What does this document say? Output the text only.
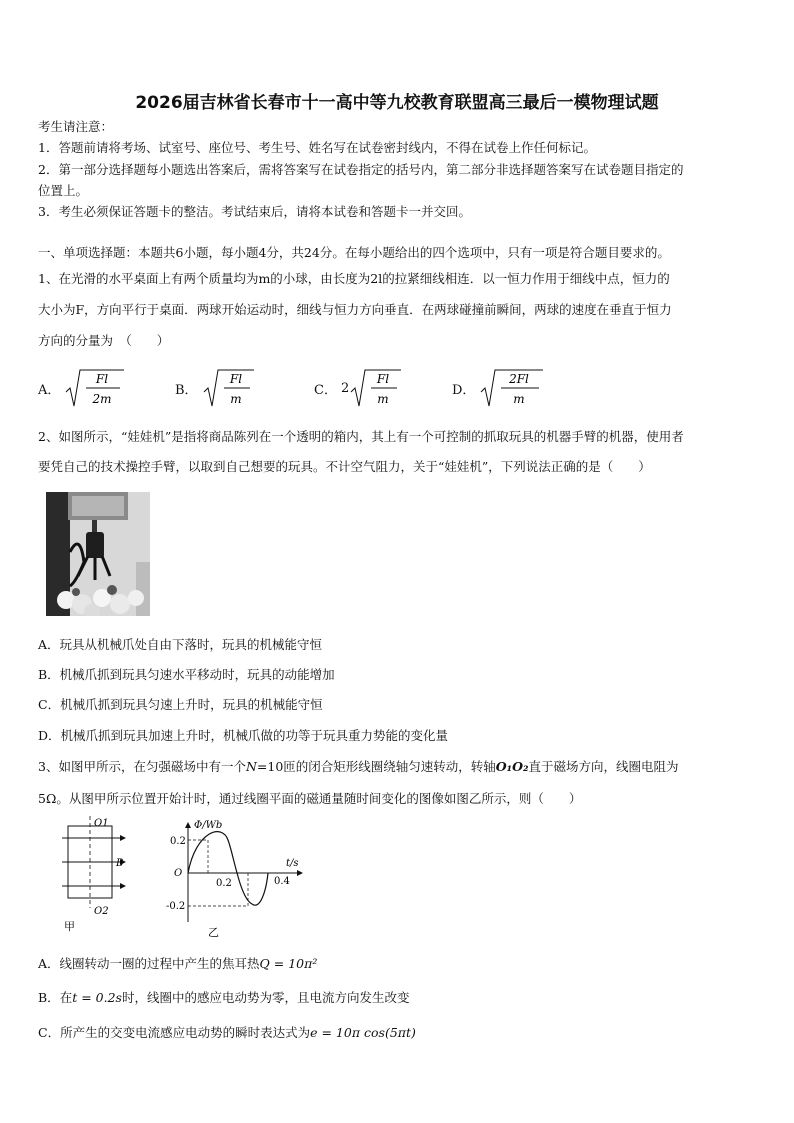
2026届吉林省长春市十一高中等九校教育联盟高三最后一模物理试题
考生请注意：
1．答题前请将考场、试室号、座位号、考生号、姓名写在试卷密封线内，不得在试卷上作任何标记。
2．第一部分选择题每小题选出答案后，需将答案写在试卷指定的括号内，第二部分非选择题答案写在试卷题目指定的
位置上。
3．考生必须保证答题卡的整洁。考试结束后，请将本试卷和答题卡一并交回。
一、单项选择题：本题共6小题，每小题4分，共24分。在每小题给出的四个选项中，只有一项是符合题目要求的。
1、在光滑的水平桌面上有两个质量均为m的小球，由长度为2l的拉紧细线相连．以一恒力作用于细线中点，恒力的
大小为F，方向平行于桌面．两球开始运动时，细线与恒力方向垂直．在两球碰撞前瞬间，两球的速度在垂直于恒力
方向的分量为　（　　）
A．
Fl
2m
B．
Fl
m
C． 2
Fl
m
D．
2Fl
m
2、如图所示，“娃娃机”是指将商品陈列在一个透明的箱内，其上有一个可控制的抓取玩具的机器手臂的机器，使用者
要凭自己的技术操控手臂，以取到自己想要的玩具。不计空气阻力，关于“娃娃机”，下列说法正确的是（　　）
A．玩具从机械爪处自由下落时，玩具的机械能守恒
B．机械爪抓到玩具匀速水平移动时，玩具的动能增加
C．机械爪抓到玩具匀速上升时，玩具的机械能守恒
D．机械爪抓到玩具加速上升时，机械爪做的功等于玩具重力势能的变化量
3、如图甲所示，在匀强磁场中有一个N=10匝的闭合矩形线圈绕轴匀速转动，转轴O₁O₂直于磁场方向，线圈电阻为
5Ω。从图甲所示位置开始计时，通过线圈平面的磁通量随时间变化的图像如图乙所示，则（　　）
O1
B
O2
甲
Φ/Wb
t/s
O
0.2
-0.2
0.2	0.4
乙
A．线圈转动一圈的过程中产生的焦耳热Q = 10π²
B．在t = 0.2s时，线圈中的感应电动势为零，且电流方向发生改变
C．所产生的交变电流感应电动势的瞬时表达式为e = 10π cos(5πt)
